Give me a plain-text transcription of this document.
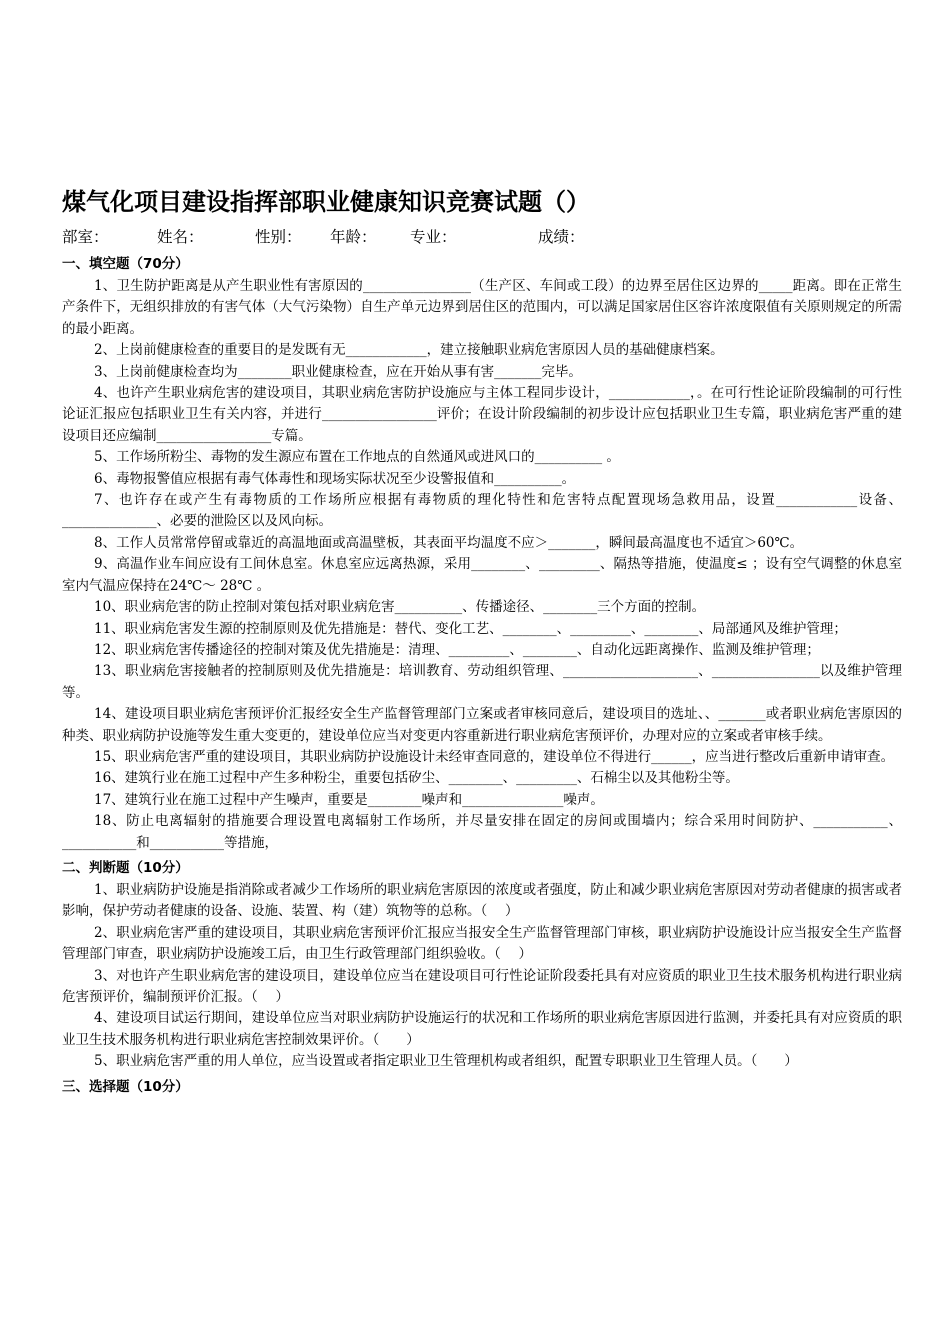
煤气化项目建设指挥部职业健康知识竞赛试题（）
部室：	姓名：	性别：	年龄：	专业：	成绩：
一、填空题（70分）

1、卫生防护距离是从产生职业性有害原因的________________（生产区、车间或工段）的边界至居住区边界的_____距离。即在正常生产条件下，无组织排放的有害气体（大气污染物）自生产单元边界到居住区的范围内，可以满足国家居住区容许浓度限值有关原则规定的所需的最小距离。

2、上岗前健康检查的重要目的是发既有无____________，建立接触职业病危害原因人员的基础健康档案。

3、上岗前健康检查均为________职业健康检查，应在开始从事有害_______完毕。

4、也许产生职业病危害的建设项目，其职业病危害防护设施应与主体工程同步设计，____________，。在可行性论证阶段编制的可行性论证汇报应包括职业卫生有关内容，并进行_________________评价；在设计阶段编制的初步设计应包括职业卫生专篇，职业病危害严重的建设项目还应编制_________________专篇。

5、工作场所粉尘、毒物的发生源应布置在工作地点的自然通风或进风口的__________ 。

6、毒物报警值应根据有毒气体毒性和现场实际状况至少设警报值和__________。

7、也许存在或产生有毒物质的工作场所应根据有毒物质的理化特性和危害特点配置现场急救用品，设置____________设备、______________、必要的泄险区以及风向标。

8、工作人员常常停留或靠近的高温地面或高温壁板，其表面平均温度不应＞_______，瞬间最高温度也不适宜＞60℃。

9、高温作业车间应设有工间休息室。休息室应远离热源，采用________、_________、隔热等措施，使温度≤ ；设有空气调整的休息室室内气温应保持在24℃～ 28℃ 。

10、职业病危害的防止控制对策包括对职业病危害__________、传播途径、________三个方面的控制。

11、职业病危害发生源的控制原则及优先措施是：替代、变化工艺、________、_________、________、局部通风及维护管理；

12、职业病危害传播途径的控制对策及优先措施是：清理、_________、________、自动化远距离操作、监测及维护管理；

13、职业病危害接触者的控制原则及优先措施是：培训教育、劳动组织管理、____________________、________________以及维护管理等。

14、建设项目职业病危害预评价汇报经安全生产监督管理部门立案或者审核同意后，建设项目的选址、、_______或者职业病危害原因的种类、职业病防护设施等发生重大变更的，建设单位应当对变更内容重新进行职业病危害预评价，办理对应的立案或者审核手续。

15、职业病危害严重的建设项目，其职业病防护设施设计未经审查同意的，建设单位不得进行______，应当进行整改后重新申请审查。

16、建筑行业在施工过程中产生多种粉尘，重要包括矽尘、________、_________、石棉尘以及其他粉尘等。

17、建筑行业在施工过程中产生噪声，重要是________噪声和_______________噪声。

18、防止电离辐射的措施要合理设置电离辐射工作场所，并尽量安排在固定的房间或围墙内；综合采用时间防护、___________、___________和___________等措施，

二、判断题（10分）

1、职业病防护设施是指消除或者减少工作场所的职业病危害原因的浓度或者强度，防止和减少职业病危害原因对劳动者健康的损害或者影响，保护劳动者健康的设备、设施、装置、构（建）筑物等的总称。（　 ）

2、职业病危害严重的建设项目，其职业病危害预评价汇报应当报安全生产监督管理部门审核，职业病防护设施设计应当报安全生产监督管理部门审查，职业病防护设施竣工后，由卫生行政管理部门组织验收。（　 ）

3、对也许产生职业病危害的建设项目，建设单位应当在建设项目可行性论证阶段委托具有对应资质的职业卫生技术服务机构进行职业病危害预评价，编制预评价汇报。（　 ）

4、建设项目试运行期间，建设单位应当对职业病防护设施运行的状况和工作场所的职业病危害原因进行监测，并委托具有对应资质的职业卫生技术服务机构进行职业病危害控制效果评价。（　　）

5、职业病危害严重的用人单位，应当设置或者指定职业卫生管理机构或者组织，配置专职职业卫生管理人员。（　　）

三、选择题（10分）
